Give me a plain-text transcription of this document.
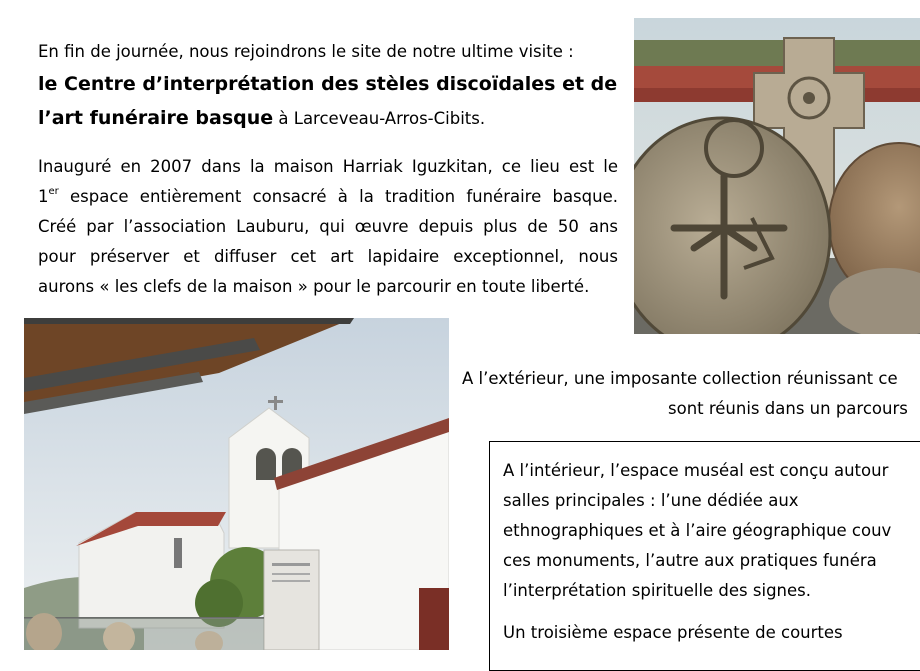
En fin de journée, nous rejoindrons le site de notre ultime visite :
le Centre d’interprétation des stèles discoïdales et de
l’art funéraire basque à Larceveau-Arros-Cibits.
Inauguré en 2007 dans la maison Harriak Iguzkitan, ce lieu est le
1er espace entièrement consacré à la tradition funéraire basque.
Créé par l’association Lauburu, qui œuvre depuis plus de 50 ans
pour préserver et diffuser cet art lapidaire exceptionnel, nous
aurons « les clefs de la maison » pour le parcourir en toute liberté.
A l’extérieur, une imposante collection réunissant ce
sont réunis dans un parcours
A l’intérieur, l’espace muséal est conçu autour
salles principales : l’une dédiée aux
ethnographiques et à l’aire géographique couv
ces monuments, l’autre aux pratiques funéra
l’interprétation spirituelle des signes.
Un troisième espace présente de courtes
